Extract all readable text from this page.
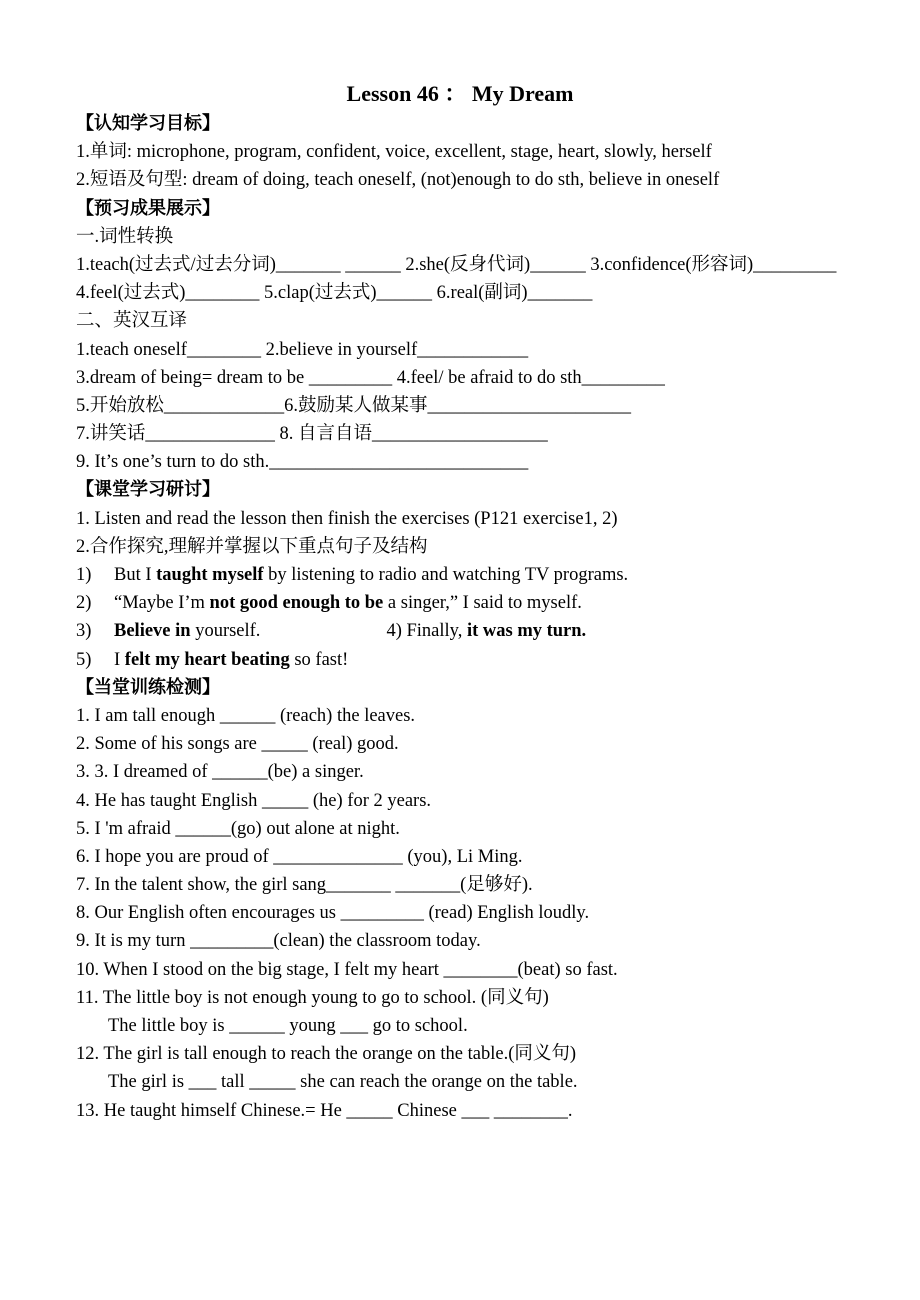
Lesson 46 ： My Dream
【认知学习目标】
1.单词: microphone, program, confident, voice, excellent, stage, heart, slowly, herself
2.短语及句型: dream of doing, teach oneself, (not)enough to do sth, believe in oneself
【预习成果展示】
一.词性转换
1.teach(过去式/过去分词)_______ ______ 2.she(反身代词)______ 3.confidence(形容词)_________ 4.feel(过去式)________ 5.clap(过去式)______ 6.real(副词)_______
二、英汉互译
1.teach oneself________ 2.believe in yourself____________
3.dream of being= dream to be _________ 4.feel/ be afraid to do sth_________
5.开始放松_____________6.鼓励某人做某事______________________
7.讲笑话______________ 8. 自言自语___________________
9. It’s one’s turn to do sth.____________________________
【课堂学习研讨】
1. Listen and read the lesson then finish the exercises (P121 exercise1, 2)
2.合作探究,理解并掌握以下重点句子及结构
1) But I taught myself by listening to radio and watching TV programs.
2) “Maybe I’m not good enough to be a singer,” I said to myself.
3) Believe in yourself.	4) Finally, it was my turn.
5) I felt my heart beating so fast!
【当堂训练检测】
1. I am tall enough ______ (reach) the leaves.
2. Some of his songs are _____ (real) good.
3. 3. I dreamed of ______(be) a singer.
4. He has taught English _____ (he) for 2 years.
5. I 'm afraid ______(go) out alone at night.
6. I hope you are proud of ______________ (you), Li Ming.
7. In the talent show, the girl sang_______ _______(足够好).
8. Our English often encourages us _________ (read) English loudly.
9. It is my turn _________(clean) the classroom today.
10. When I stood on the big stage, I felt my heart ________(beat) so fast.
11. The little boy is not enough young to go to school. (同义句)
The little boy is ______ young ___ go to school.
12. The girl is tall enough to reach the orange on the table.(同义句)
The girl is ___ tall _____ she can reach the orange on the table.
13. He taught himself Chinese.= He _____ Chinese ___ ________.
